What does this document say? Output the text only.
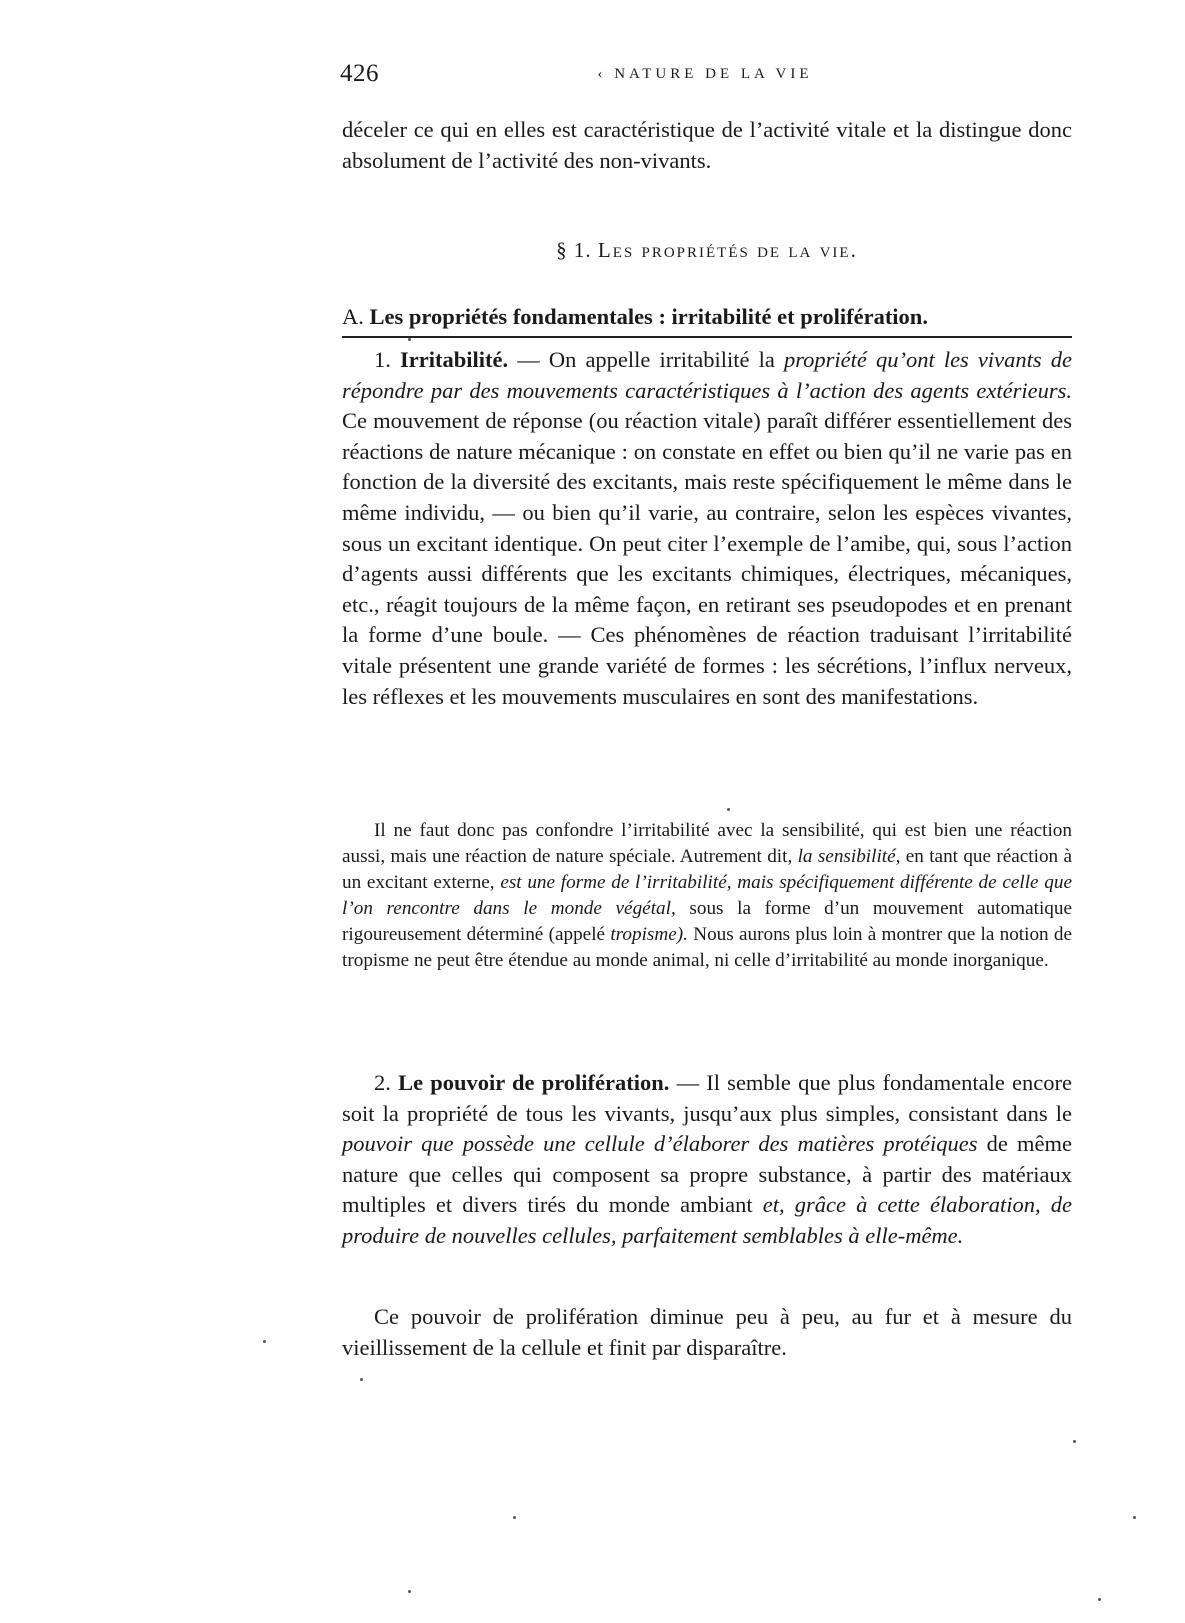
426	‹ NATURE DE LA VIE

déceler ce qui en elles est caractéristique de l’activité vitale et la distingue donc absolument de l’activité des non-vivants.

§ 1. Les propriétés de la vie.
A. Les propriétés fondamentales : irritabilité et prolifération.

1. Irritabilité. — On appelle irritabilité la propriété qu’ont les vivants de répondre par des mouvements caractéristiques à l’action des agents extérieurs. Ce mouvement de réponse (ou réaction vitale) paraît différer essentiellement des réactions de nature mécanique : on constate en effet ou bien qu’il ne varie pas en fonction de la diversité des excitants, mais reste spécifiquement le même dans le même individu, — ou bien qu’il varie, au contraire, selon les espèces vivantes, sous un excitant identique. On peut citer l’exemple de l’amibe, qui, sous l’action d’agents aussi différents que les excitants chimiques, électriques, mécaniques, etc., réagit toujours de la même façon, en retirant ses pseudopodes et en prenant la forme d’une boule. — Ces phénomènes de réaction traduisant l’irritabilité vitale présentent une grande variété de formes : les sécrétions, l’influx nerveux, les réflexes et les mouvements musculaires en sont des manifestations.

Il ne faut donc pas confondre l’irritabilité avec la sensibilité, qui est bien une réaction aussi, mais une réaction de nature spéciale. Autrement dit, la sensibilité, en tant que réaction à un excitant externe, est une forme de l’irritabilité, mais spécifiquement différente de celle que l’on rencontre dans le monde végétal, sous la forme d’un mouvement automatique rigoureusement déterminé (appelé tropisme). Nous aurons plus loin à montrer que la notion de tropisme ne peut être étendue au monde animal, ni celle d’irritabilité au monde inorganique.

2. Le pouvoir de prolifération. — Il semble que plus fondamentale encore soit la propriété de tous les vivants, jusqu’aux plus simples, consistant dans le pouvoir que possède une cellule d’élaborer des matières protéiques de même nature que celles qui composent sa propre substance, à partir des matériaux multiples et divers tirés du monde ambiant et, grâce à cette élaboration, de produire de nouvelles cellules, parfaitement semblables à elle-même.

Ce pouvoir de prolifération diminue peu à peu, au fur et à mesure du vieillissement de la cellule et finit par disparaître.
